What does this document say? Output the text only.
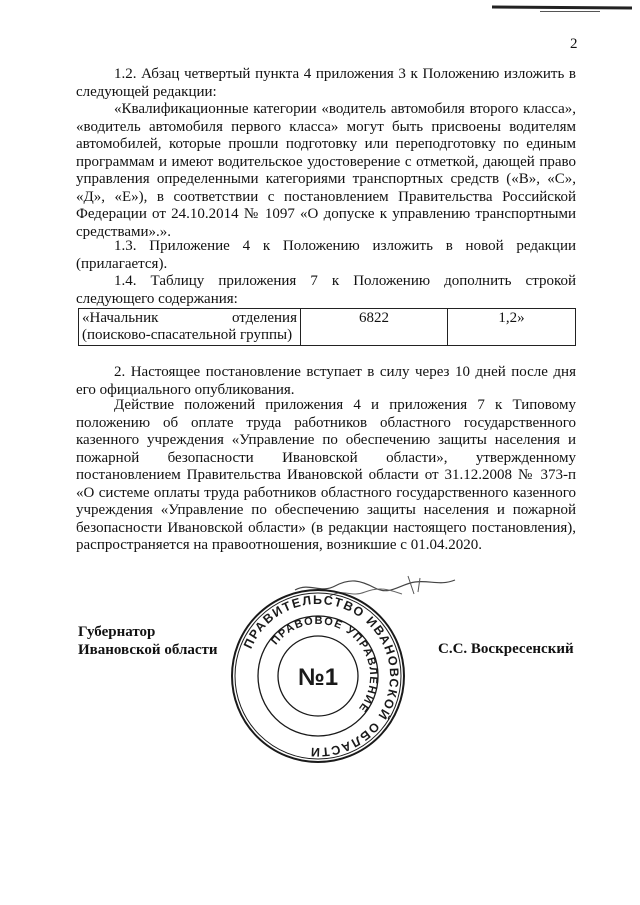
2
1.2. Абзац четвертый пункта 4 приложения 3 к Положению изложить в следующей редакции:
«Квалификационные категории «водитель автомобиля второго класса», «водитель автомобиля первого класса» могут быть присвоены водителям автомобилей, которые прошли подготовку или переподготовку по единым программам и имеют водительское удостоверение с отметкой, дающей право управления определенными категориями транспортных средств («В», «С», «Д», «Е»), в соответствии с постановлением Правительства Российской Федерации от 24.10.2014 № 1097 «О допуске к управлению транспортными средствами».».
1.3. Приложение 4 к Положению изложить в новой редакции (прилагается).
1.4. Таблицу приложения 7 к Положению дополнить строкой следующего содержания:
«Начальник отделения (поисково-спасательной группы)	6822	1,2»
2. Настоящее постановление вступает в силу через 10 дней после дня его официального опубликования.
Действие положений приложения 4 и приложения 7 к Типовому положению об оплате труда работников областного государственного казенного учреждения «Управление по обеспечению защиты населения и пожарной безопасности Ивановской области», утвержденному постановлением Правительства Ивановской области от 31.12.2008 № 373-п «О системе оплаты труда работников областного государственного казенного учреждения «Управление по обеспечению защиты населения и пожарной безопасности Ивановской области» (в редакции настоящего постановления), распространяется на правоотношения, возникшие с 01.04.2020.
Губернатор
Ивановской области	С.С. Воскресенский
ПРАВИТЕЛЬСТВО ИВАНОВСКОЙ ОБЛАСТИ
ПРАВОВОЕ УПРАВЛЕНИЕ
№1
